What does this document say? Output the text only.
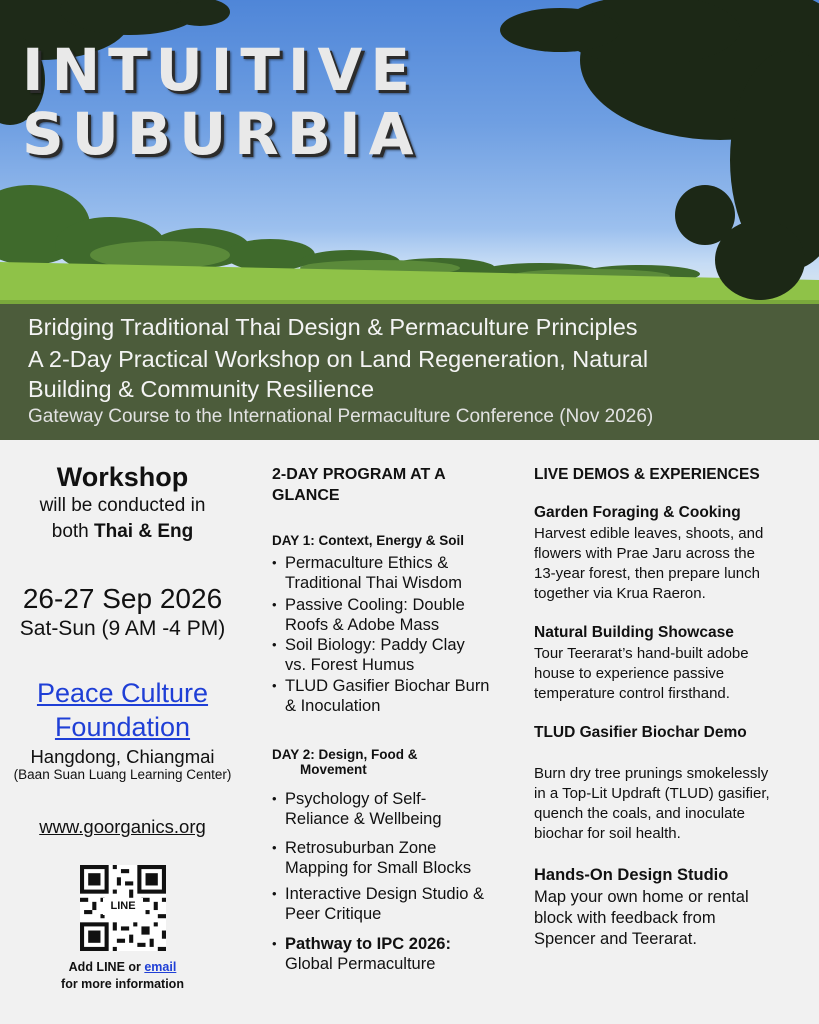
INTUITIVE
SUBURBIA
Bridging Traditional Thai Design & Permaculture Principles
A 2-Day Practical Workshop on Land Regeneration, Natural
Building & Community Resilience
Gateway Course to the International Permaculture Conference (Nov 2026)
Workshop
will be conducted in
both Thai & Eng
26-27 Sep 2026
Sat-Sun (9 AM -4 PM)
Peace Culture
Foundation
Hangdong, Chiangmai
(Baan Suan Luang Learning Center)
www.goorganics.org
LINE
Add LINE or email
for more information
2-DAY PROGRAM AT A
GLANCE
DAY 1: Context, Energy & Soil
• Permaculture Ethics &
Traditional Thai Wisdom
• Passive Cooling: Double
Roofs & Adobe Mass
• Soil Biology: Paddy Clay
vs. Forest Humus
• TLUD Gasifier Biochar Burn
& Inoculation
DAY 2: Design, Food &
Movement
• Psychology of Self-
Reliance & Wellbeing
• Retrosuburban Zone
Mapping for Small Blocks
• Interactive Design Studio &
Peer Critique
• Pathway to IPC 2026:
Global Permaculture
LIVE DEMOS & EXPERIENCES
Garden Foraging & Cooking
Harvest edible leaves, shoots, and
flowers with Prae Jaru across the
13-year forest, then prepare lunch
together via Krua Raeron.
Natural Building Showcase
Tour Teerarat’s hand-built adobe
house to experience passive
temperature control firsthand.
TLUD Gasifier Biochar Demo
Burn dry tree prunings smokelessly
in a Top-Lit Updraft (TLUD) gasifier,
quench the coals, and inoculate
biochar for soil health.
Hands-On Design Studio
Map your own home or rental
block with feedback from
Spencer and Teerarat.
